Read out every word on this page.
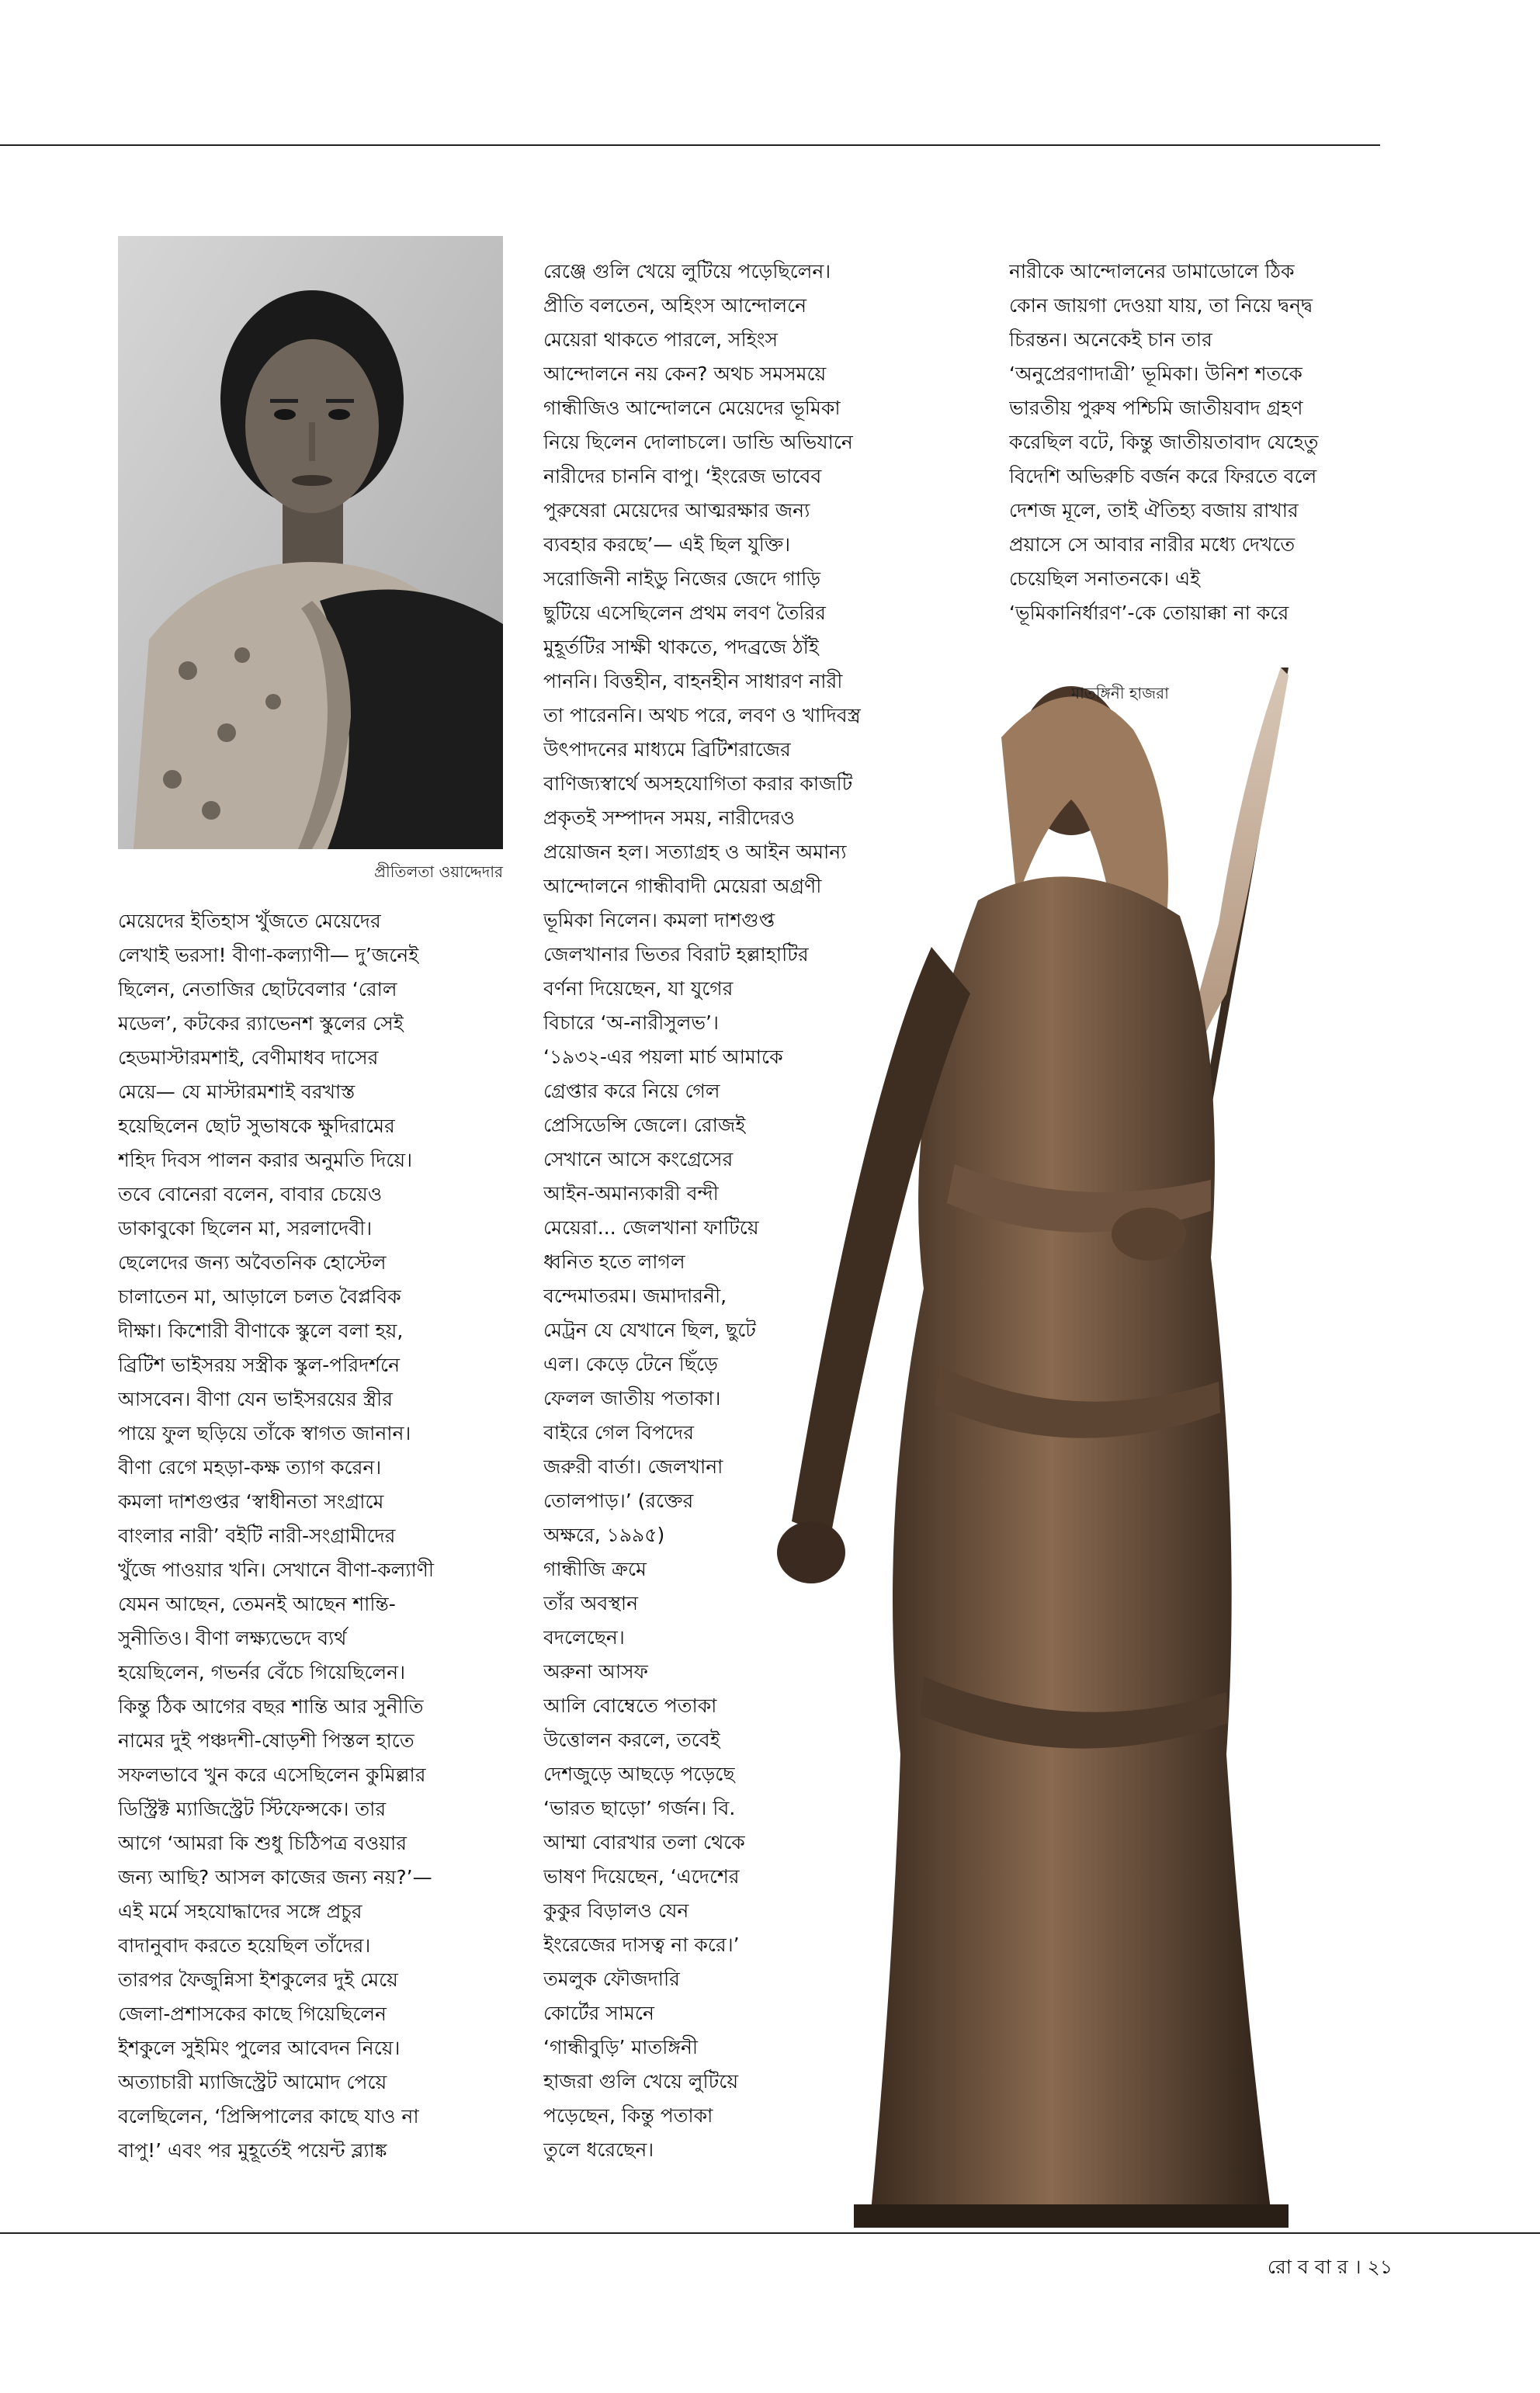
প্রীতিলতা ওয়াদ্দেদার
মাতঙ্গিনী হাজরা
মেয়েদের ইতিহাস খুঁজতে মেয়েদের
লেখাই ভরসা! বীণা-কল্যাণী— দু’জনেই
ছিলেন, নেতাজির ছোটবেলার ‘রোল
মডেল’, কটকের র‍্যাভেনশ স্কুলের সেই
হেডমাস্টারমশাই, বেণীমাধব দাসের
মেয়ে— যে মাস্টারমশাই বরখাস্ত
হয়েছিলেন ছোট সুভাষকে ক্ষুদিরামের
শহিদ দিবস পালন করার অনুমতি দিয়ে।
তবে বোনেরা বলেন, বাবার চেয়েও
ডাকাবুকো ছিলেন মা, সরলাদেবী।
ছেলেদের জন্য অবৈতনিক হোস্টেল
চালাতেন মা, আড়ালে চলত বৈপ্লবিক
দীক্ষা। কিশোরী বীণাকে স্কুলে বলা হয়,
ব্রিটিশ ভাইসরয় সস্ত্রীক স্কুল-পরিদর্শনে
আসবেন। বীণা যেন ভাইসরয়ের স্ত্রীর
পায়ে ফুল ছড়িয়ে তাঁকে স্বাগত জানান।
বীণা রেগে মহড়া-কক্ষ ত্যাগ করেন।
কমলা দাশগুপ্তর ‘স্বাধীনতা সংগ্রামে
বাংলার নারী’ বইটি নারী-সংগ্রামীদের
খুঁজে পাওয়ার খনি। সেখানে বীণা-কল্যাণী
যেমন আছেন, তেমনই আছেন শান্তি-
সুনীতিও। বীণা লক্ষ্যভেদে ব্যর্থ
হয়েছিলেন, গভর্নর বেঁচে গিয়েছিলেন।
কিন্তু ঠিক আগের বছর শান্তি আর সুনীতি
নামের দুই পঞ্চদশী-ষোড়শী পিস্তল হাতে
সফলভাবে খুন করে এসেছিলেন কুমিল্লার
ডিস্ট্রিক্ট ম্যাজিস্ট্রেট স্টিফেন্সকে। তার
আগে ‘আমরা কি শুধু চিঠিপত্র বওয়ার
জন্য আছি? আসল কাজের জন্য নয়?’—
এই মর্মে সহযোদ্ধাদের সঙ্গে প্রচুর
বাদানুবাদ করতে হয়েছিল তাঁদের।
তারপর ফৈজুন্নিসা ইশকুলের দুই মেয়ে
জেলা-প্রশাসকের কাছে গিয়েছিলেন
ইশকুলে সুইমিং পুলের আবেদন নিয়ে।
অত্যাচারী ম্যাজিস্ট্রেট আমোদ পেয়ে
বলেছিলেন, ‘প্রিন্সিপালের কাছে যাও না
বাপু!’ এবং পর মুহূর্তেই পয়েন্ট ব্ল্যাঙ্ক
রেঞ্জে গুলি খেয়ে লুটিয়ে পড়েছিলেন।
প্রীতি বলতেন, অহিংস আন্দোলনে
মেয়েরা থাকতে পারলে, সহিংস
আন্দোলনে নয় কেন? অথচ সমসময়ে
গান্ধীজিও আন্দোলনে মেয়েদের ভূমিকা
নিয়ে ছিলেন দোলাচলে। ডান্ডি অভিযানে
নারীদের চাননি বাপু। ‘ইংরেজ ভাবেব
পুরুষেরা মেয়েদের আত্মরক্ষার জন্য
ব্যবহার করছে’— এই ছিল যুক্তি।
সরোজিনী নাইডু নিজের জেদে গাড়ি
ছুটিয়ে এসেছিলেন প্রথম লবণ তৈরির
মুহূর্তটির সাক্ষী থাকতে, পদব্রজে ঠাঁই
পাননি। বিত্তহীন, বাহনহীন সাধারণ নারী
তা পারেননি। অথচ পরে, লবণ ও খাদিবস্ত্র
উৎপাদনের মাধ্যমে ব্রিটিশরাজের
বাণিজ্যস্বার্থে অসহযোগিতা করার কাজটি
প্রকৃতই সম্পাদন সময়, নারীদেরও
প্রয়োজন হল। সত্যাগ্রহ ও আইন অমান্য
আন্দোলনে গান্ধীবাদী মেয়েরা অগ্রণী
ভূমিকা নিলেন। কমলা দাশগুপ্ত
জেলখানার ভিতর বিরাট হল্লাহাটির
বর্ণনা দিয়েছেন, যা যুগের
বিচারে ‘অ-নারীসুলভ’।
‘১৯৩২-এর পয়লা মার্চ আমাকে
গ্রেপ্তার করে নিয়ে গেল
প্রেসিডেন্সি জেলে। রোজই
সেখানে আসে কংগ্রেসের
আইন-অমান্যকারী বন্দী
মেয়েরা... জেলখানা ফাটিয়ে
ধ্বনিত হতে লাগল
বন্দেমাতরম। জমাদারনী,
মেট্রন যে যেখানে ছিল, ছুটে
এল। কেড়ে টেনে ছিঁড়ে
ফেলল জাতীয় পতাকা।
বাইরে গেল বিপদের
জরুরী বার্তা। জেলখানা
তোলপাড়।’ (রক্তের
অক্ষরে, ১৯৯৫)
গান্ধীজি ক্রমে
তাঁর অবস্থান
বদলেছেন।
অরুনা আসফ
আলি বোম্বেতে পতাকা
উত্তোলন করলে, তবেই
দেশজুড়ে আছড়ে পড়েছে
‘ভারত ছাড়ো’ গর্জন। বি.
আম্মা বোরখার তলা থেকে
ভাষণ দিয়েছেন, ‘এদেশের
কুকুর বিড়ালও যেন
ইংরেজের দাসত্ব না করে।’
তমলুক ফৌজদারি
কোর্টের সামনে
‘গান্ধীবুড়ি’ মাতঙ্গিনী
হাজরা গুলি খেয়ে লুটিয়ে
পড়েছেন, কিন্তু পতাকা
তুলে ধরেছেন।
নারীকে আন্দোলনের ডামাডোলে ঠিক
কোন জায়গা দেওয়া যায়, তা নিয়ে দ্বন্দ্ব
চিরন্তন। অনেকেই চান তার
‘অনুপ্রেরণাদাত্রী’ ভূমিকা। উনিশ শতকে
ভারতীয় পুরুষ পশ্চিমি জাতীয়বাদ গ্রহণ
করেছিল বটে, কিন্তু জাতীয়তাবাদ যেহেতু
বিদেশি অভিরুচি বর্জন করে ফিরতে বলে
দেশজ মূলে, তাই ঐতিহ্য বজায় রাখার
প্রয়াসে সে আবার নারীর মধ্যে দেখতে
চেয়েছিল সনাতনকে। এই
‘ভূমিকানির্ধারণ’-কে তোয়াক্কা না করে
রো ব বা র । ২১
